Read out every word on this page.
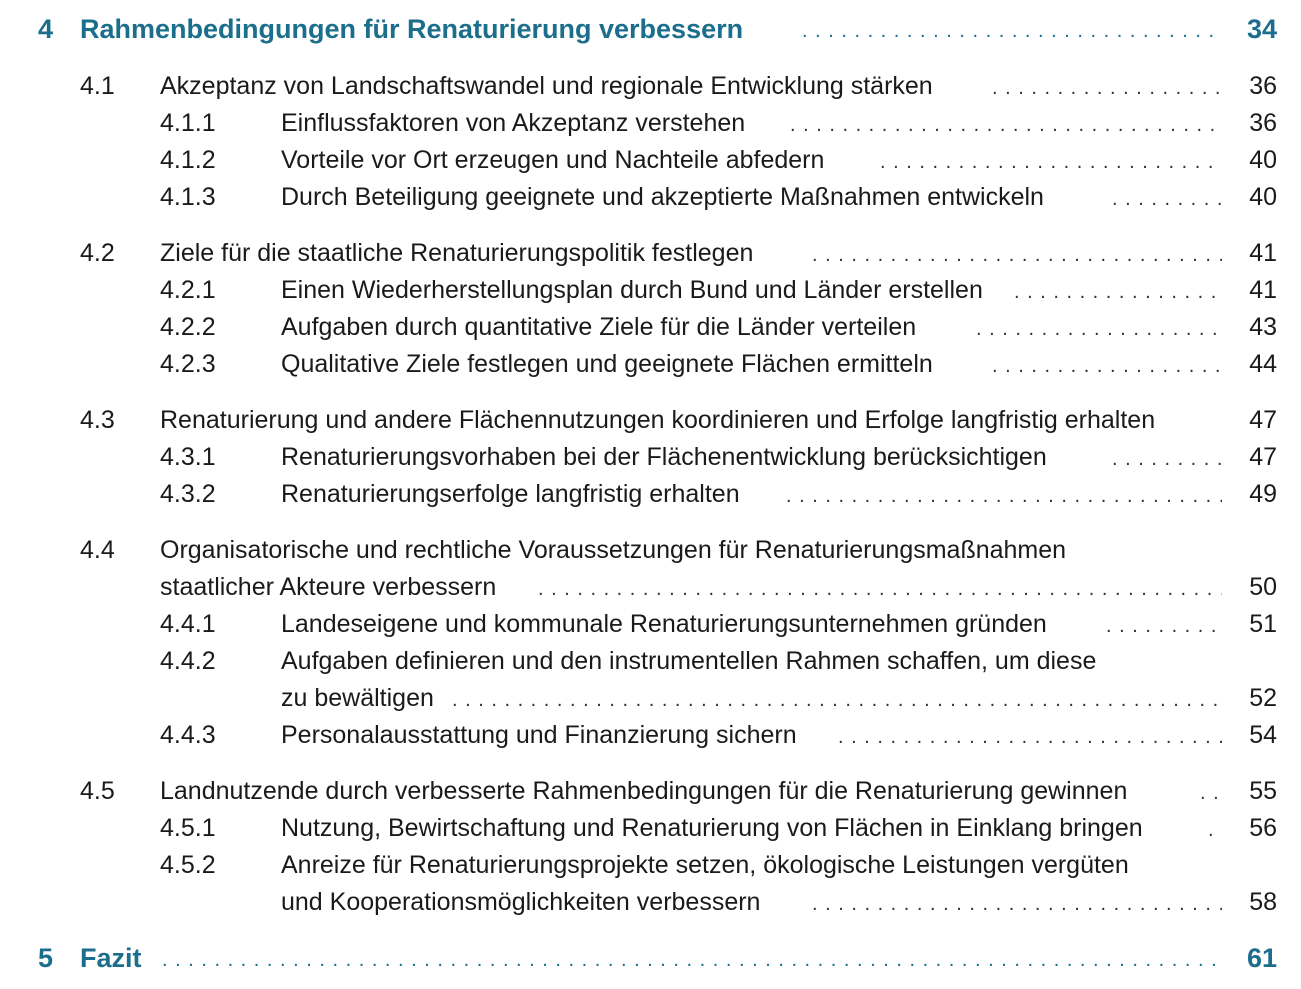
4 Rahmenbedingungen für Renaturierung verbessern . . .	34
4.1 Akzeptanz von Landschaftswandel und regionale Entwicklung stärken . . .	36
4.1.1	Einflussfaktoren von Akzeptanz verstehen . . .	36
4.1.2	Vorteile vor Ort erzeugen und Nachteile abfedern . . .	40
4.1.3	Durch Beteiligung geeignete und akzeptierte Maßnahmen entwickeln . . .	40
4.2 Ziele für die staatliche Renaturierungspolitik festlegen . . .	41
4.2.1	Einen Wiederherstellungsplan durch Bund und Länder erstellen . . .	41
4.2.2	Aufgaben durch quantitative Ziele für die Länder verteilen . . .	43
4.2.3	Qualitative Ziele festlegen und geeignete Flächen ermitteln . . .	44
4.3 Renaturierung und andere Flächennutzungen koordinieren und Erfolge langfristig erhalten	47
4.3.1	Renaturierungsvorhaben bei der Flächenentwicklung berücksichtigen . . .	47
4.3.2	Renaturierungserfolge langfristig erhalten . . .	49
4.4 Organisatorische und rechtliche Voraussetzungen für Renaturierungsmaßnahmen
staatlicher Akteure verbessern . . .	50
4.4.1	Landeseigene und kommunale Renaturierungsunternehmen gründen . . .	51
4.4.2	Aufgaben definieren und den instrumentellen Rahmen schaffen, um diese
zu bewältigen . . .	52
4.4.3	Personalausstattung und Finanzierung sichern . . .	54
4.5 Landnutzende durch verbesserte Rahmenbedingungen für die Renaturierung gewinnen . . .	55
4.5.1	Nutzung, Bewirtschaftung und Renaturierung von Flächen in Einklang bringen . . .	56
4.5.2	Anreize für Renaturierungsprojekte setzen, ökologische Leistungen vergüten
und Kooperationsmöglichkeiten verbessern . . .	58
5 Fazit . . .	61
